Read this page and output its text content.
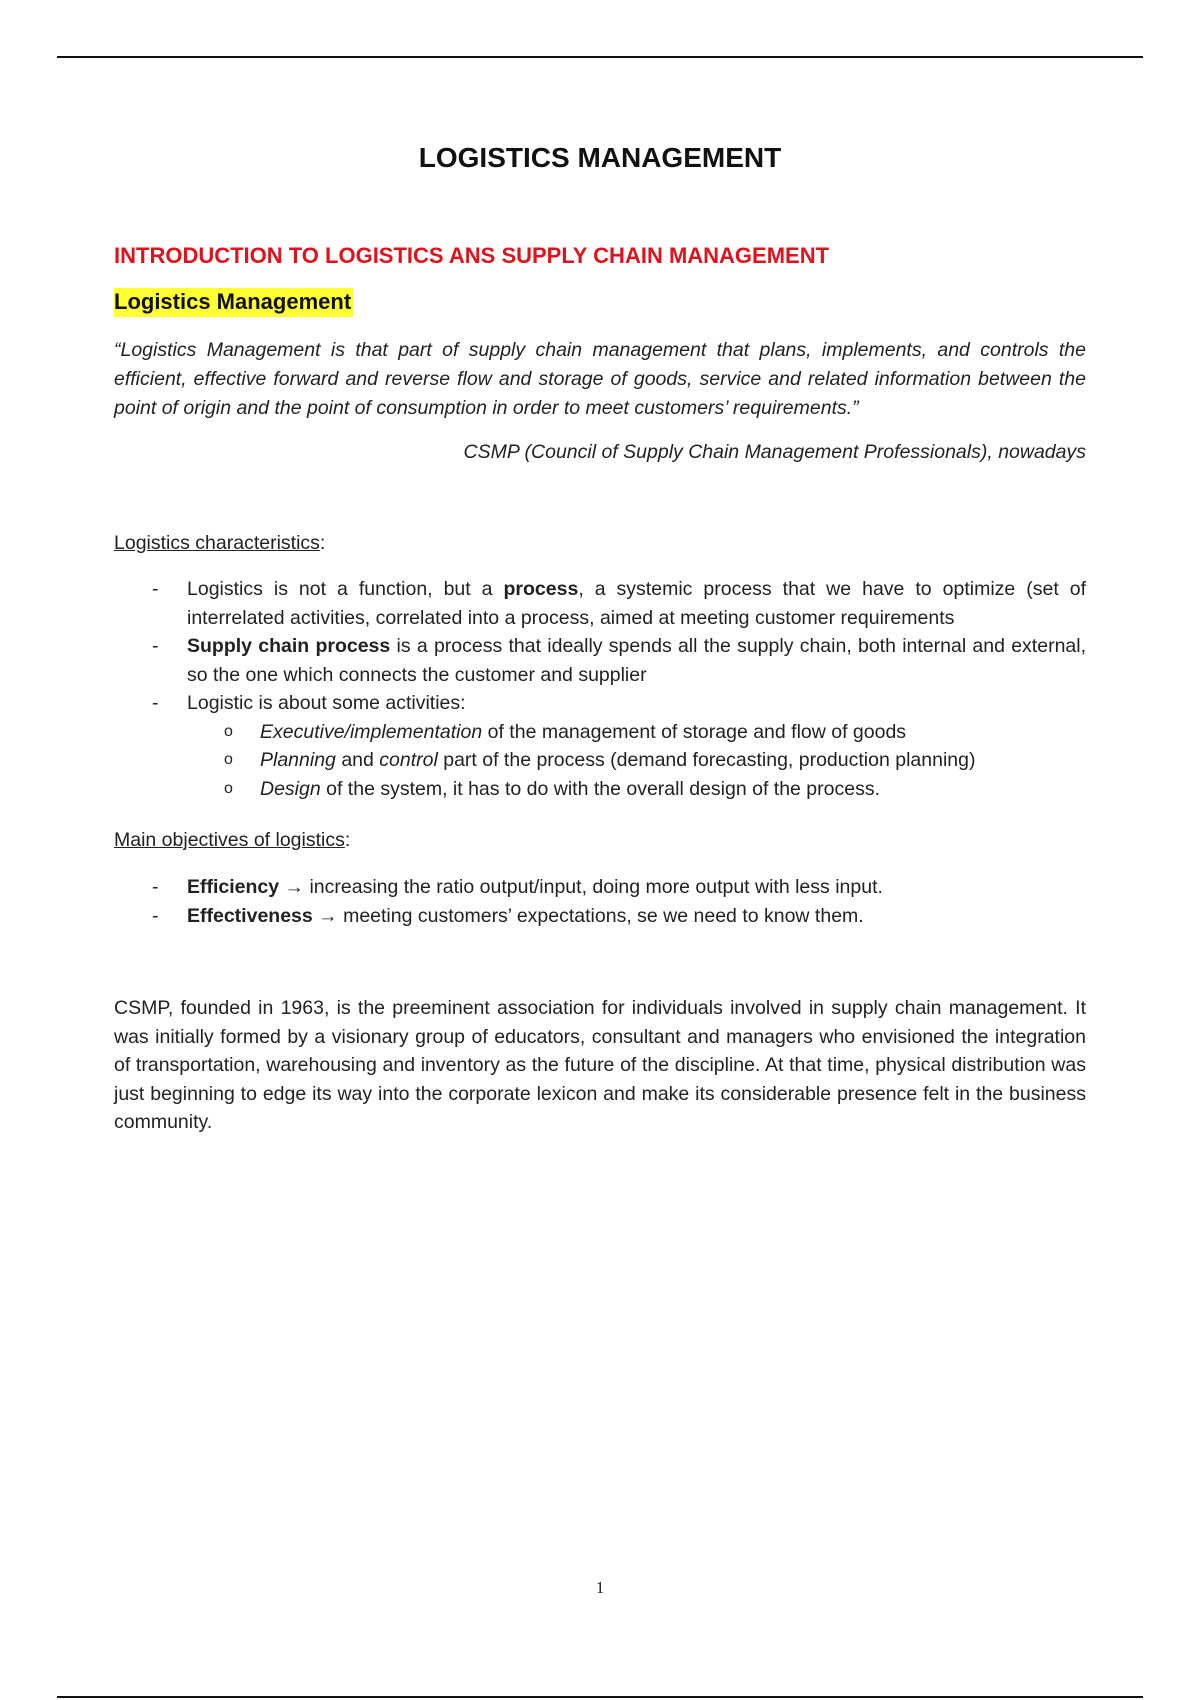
LOGISTICS MANAGEMENT
INTRODUCTION TO LOGISTICS ANS SUPPLY CHAIN MANAGEMENT
Logistics Management

“Logistics Management is that part of supply chain management that plans, implements, and controls the efficient, effective forward and reverse flow and storage of goods, service and related information between the point of origin and the point of consumption in order to meet customers’ requirements.”

CSMP (Council of Supply Chain Management Professionals), nowadays

Logistics characteristics:

- Logistics is not a function, but a process, a systemic process that we have to optimize (set of interrelated activities, correlated into a process, aimed at meeting customer requirements
- Supply chain process is a process that ideally spends all the supply chain, both internal and external, so the one which connects the customer and supplier
- Logistic is about some activities:
o Executive/implementation of the management of storage and flow of goods
o Planning and control part of the process (demand forecasting, production planning)
o Design of the system, it has to do with the overall design of the process.

Main objectives of logistics:

- Efficiency → increasing the ratio output/input, doing more output with less input.
- Effectiveness → meeting customers’ expectations, se we need to know them.

CSMP, founded in 1963, is the preeminent association for individuals involved in supply chain management. It was initially formed by a visionary group of educators, consultant and managers who envisioned the integration of transportation, warehousing and inventory as the future of the discipline. At that time, physical distribution was just beginning to edge its way into the corporate lexicon and make its considerable presence felt in the business community.

1
